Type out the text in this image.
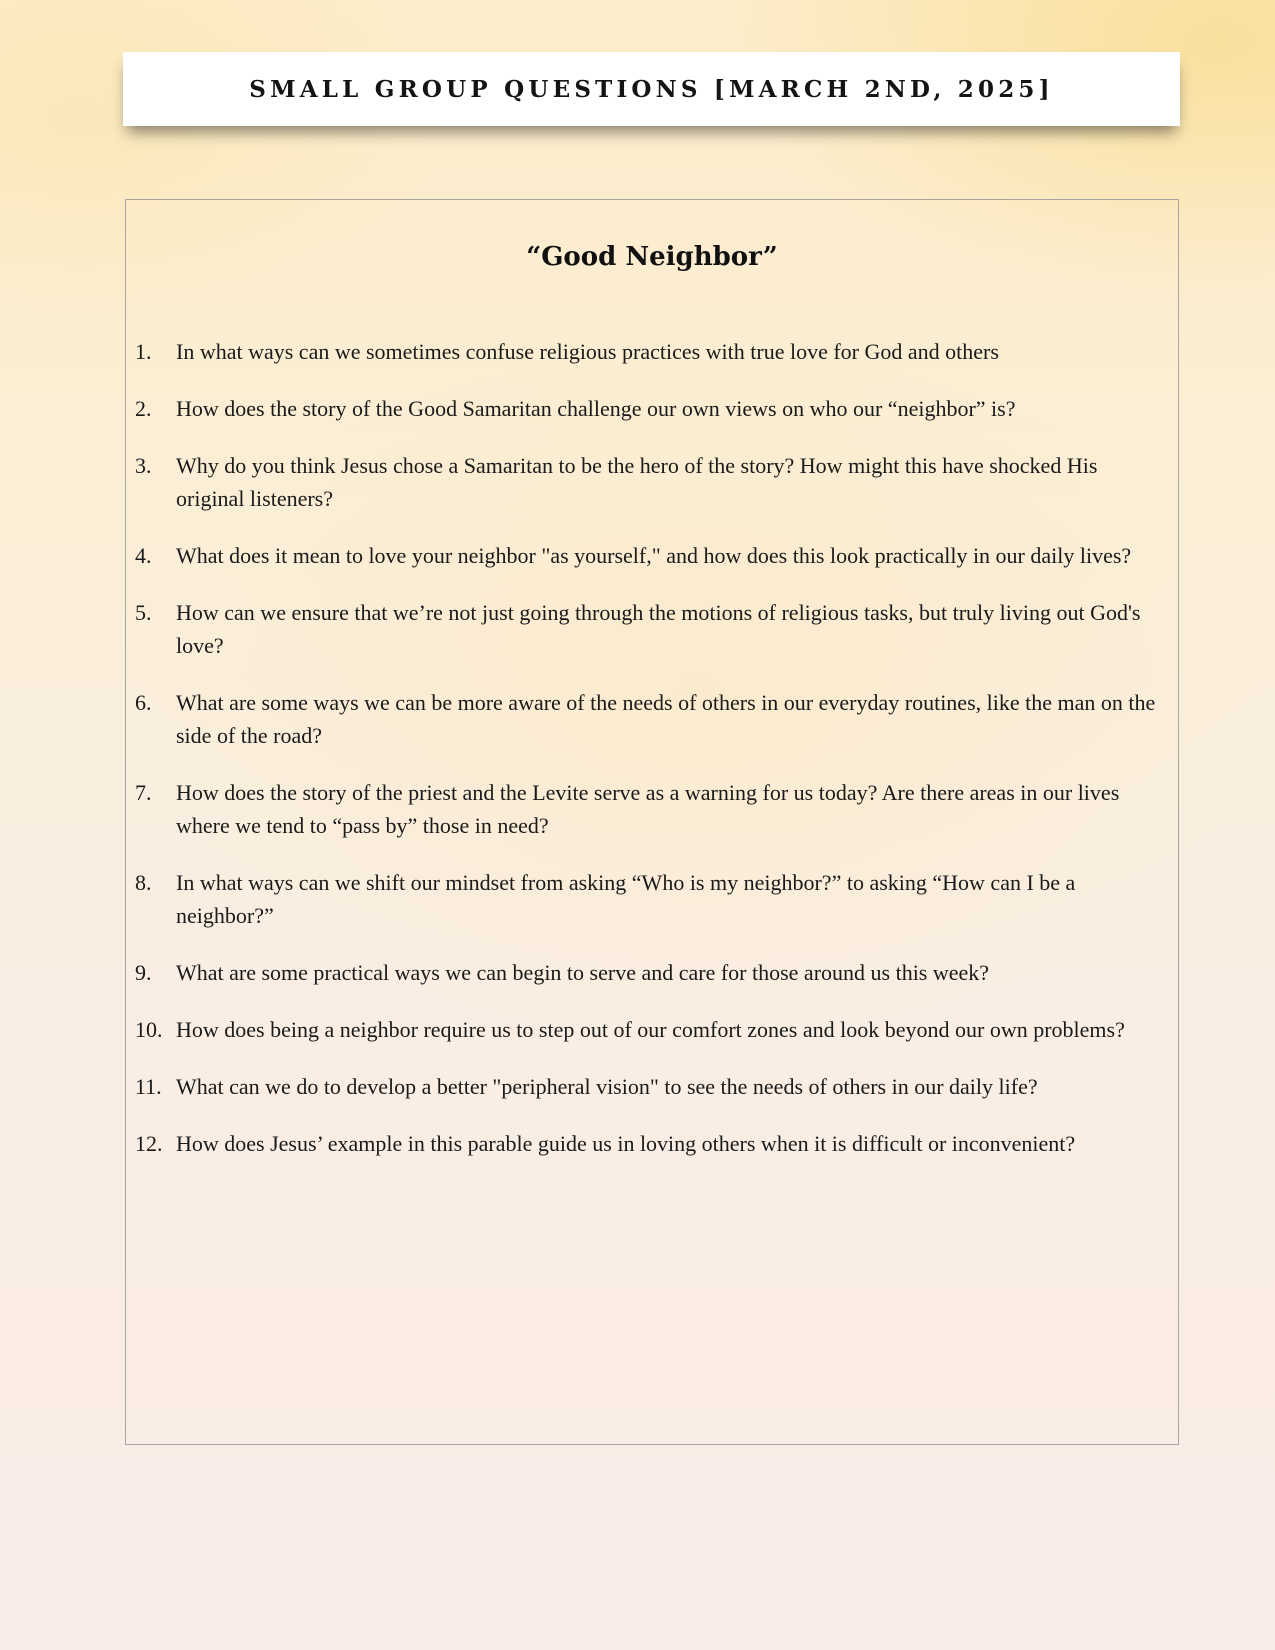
SMALL GROUP QUESTIONS [MARCH 2ND, 2025]
“Good Neighbor”
1.	In what ways can we sometimes confuse religious practices with true love for God and others
2.	How does the story of the Good Samaritan challenge our own views on who our “neighbor” is?
3.	Why do you think Jesus chose a Samaritan to be the hero of the story? How might this have shocked His original listeners?
4.	What does it mean to love your neighbor "as yourself," and how does this look practically in our daily lives?
5.	How can we ensure that we’re not just going through the motions of religious tasks, but truly living out God's love?
6.	What are some ways we can be more aware of the needs of others in our everyday routines, like the man on the side of the road?
7.	How does the story of the priest and the Levite serve as a warning for us today? Are there areas in our lives where we tend to “pass by” those in need?
8.	In what ways can we shift our mindset from asking “Who is my neighbor?” to asking “How can I be a neighbor?”
9.	What are some practical ways we can begin to serve and care for those around us this week?
10. How does being a neighbor require us to step out of our comfort zones and look beyond our own problems?
11. What can we do to develop a better "peripheral vision" to see the needs of others in our daily life?
12. How does Jesus’ example in this parable guide us in loving others when it is difficult or inconvenient?
